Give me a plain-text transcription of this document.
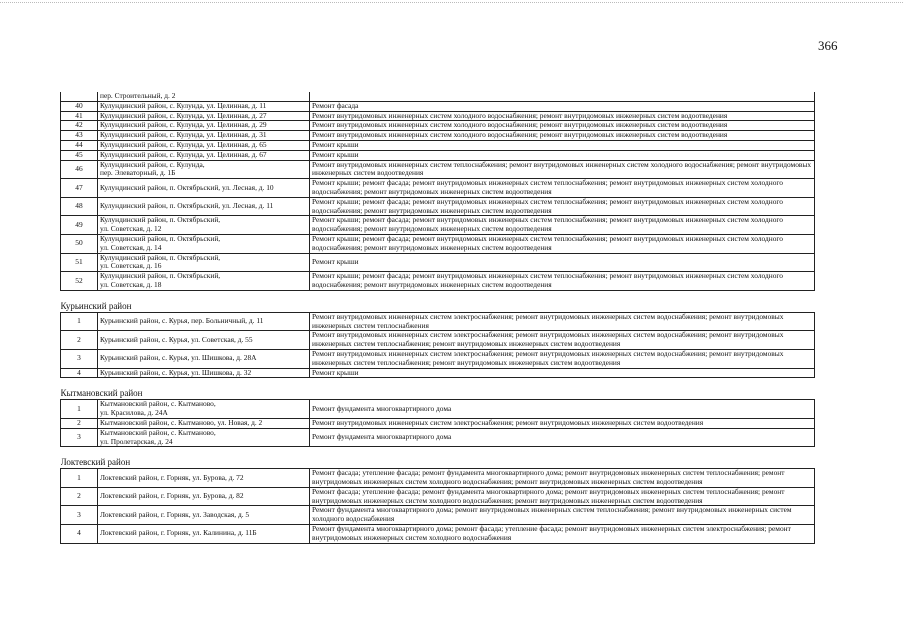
366
	пер. Строительный, д. 2	
40	Кулундинский район, с. Кулунда, ул. Целинная, д. 11	Ремонт фасада
41	Кулундинский район, с. Кулунда, ул. Целинная, д. 27	Ремонт внутридомовых инженерных систем холодного водоснабжения; ремонт внутридомовых инженерных систем водоотведения
42	Кулундинский район, с. Кулунда, ул. Целинная, д. 29	Ремонт внутридомовых инженерных систем холодного водоснабжения; ремонт внутридомовых инженерных систем водоотведения
43	Кулундинский район, с. Кулунда, ул. Целинная, д. 31	Ремонт внутридомовых инженерных систем холодного водоснабжения; ремонт внутридомовых инженерных систем водоотведения
44	Кулундинский район, с. Кулунда, ул. Целинная, д. 65	Ремонт крыши
45	Кулундинский район, с. Кулунда, ул. Целинная, д. 67	Ремонт крыши
46	Кулундинский район, с. Кулунда,
пер. Элеваторный, д. 1Б	Ремонт внутридомовых инженерных систем теплоснабжения; ремонт внутридомовых инженерных систем холодного водоснабжения; ремонт внутридомовых инженерных систем водоотведения
47	Кулундинский район, п. Октябрьский, ул. Лесная, д. 10	Ремонт крыши; ремонт фасада; ремонт внутридомовых инженерных систем теплоснабжения; ремонт внутридомовых инженерных систем холодного водоснабжения; ремонт внутридомовых инженерных систем водоотведения
48	Кулундинский район, п. Октябрьский, ул. Лесная, д. 11	Ремонт крыши; ремонт фасада; ремонт внутридомовых инженерных систем теплоснабжения; ремонт внутридомовых инженерных систем холодного водоснабжения; ремонт внутридомовых инженерных систем водоотведения
49	Кулундинский район, п. Октябрьский,
ул. Советская, д. 12	Ремонт крыши; ремонт фасада; ремонт внутридомовых инженерных систем теплоснабжения; ремонт внутридомовых инженерных систем холодного водоснабжения; ремонт внутридомовых инженерных систем водоотведения
50	Кулундинский район, п. Октябрьский,
ул. Советская, д. 14	Ремонт крыши; ремонт фасада; ремонт внутридомовых инженерных систем теплоснабжения; ремонт внутридомовых инженерных систем холодного водоснабжения; ремонт внутридомовых инженерных систем водоотведения
51	Кулундинский район, п. Октябрьский,
ул. Советская, д. 16	Ремонт крыши
52	Кулундинский район, п. Октябрьский,
ул. Советская, д. 18	Ремонт крыши; ремонт фасада; ремонт внутридомовых инженерных систем теплоснабжения; ремонт внутридомовых инженерных систем холодного водоснабжения; ремонт внутридомовых инженерных систем водоотведения
Курьинский район		
1	Курьинский район, с. Курья, пер. Больничный, д. 11	Ремонт внутридомовых инженерных систем электроснабжения; ремонт внутридомовых инженерных систем водоснабжения; ремонт внутридомовых инженерных систем теплоснабжения
2	Курьинский район, с. Курья, ул. Советская, д. 55	Ремонт внутридомовых инженерных систем электроснабжения; ремонт внутридомовых инженерных систем водоснабжения; ремонт внутридомовых инженерных систем теплоснабжения; ремонт внутридомовых инженерных систем водоотведения
3	Курьинский район, с. Курья, ул. Шишкова, д. 28А	Ремонт внутридомовых инженерных систем электроснабжения; ремонт внутридомовых инженерных систем водоснабжения; ремонт внутридомовых инженерных систем теплоснабжения; ремонт внутридомовых инженерных систем водоотведения
4	Курьинский район, с. Курья, ул. Шишкова, д. 32	Ремонт крыши
Кытмановский район		
1	Кытмановский район, с. Кытманово,
ул. Красилова, д. 24А	Ремонт фундамента многоквартирного дома
2	Кытмановский район, с. Кытманово, ул. Новая, д. 2	Ремонт внутридомовых инженерных систем электроснабжения; ремонт внутридомовых инженерных систем водоотведения
3	Кытмановский район, с. Кытманово,
ул. Пролетарская, д. 24	Ремонт фундамента многоквартирного дома
Локтевский район		
1	Локтевский район, г. Горняк, ул. Бурова, д. 72	Ремонт фасада; утепление фасада; ремонт фундамента многоквартирного дома; ремонт внутридомовых инженерных систем теплоснабжения; ремонт внутридомовых инженерных систем холодного водоснабжения; ремонт внутридомовых инженерных систем водоотведения
2	Локтевский район, г. Горняк, ул. Бурова, д. 82	Ремонт фасада; утепление фасада; ремонт фундамента многоквартирного дома; ремонт внутридомовых инженерных систем теплоснабжения; ремонт внутридомовых инженерных систем холодного водоснабжения; ремонт внутридомовых инженерных систем водоотведения
3	Локтевский район, г. Горняк, ул. Заводская, д. 5	Ремонт фундамента многоквартирного дома; ремонт внутридомовых инженерных систем теплоснабжения; ремонт внутридомовых инженерных систем холодного водоснабжения
4	Локтевский район, г. Горняк, ул. Калинина, д. 11Б	Ремонт фундамента многоквартирного дома; ремонт фасада; утепление фасада; ремонт внутридомовых инженерных систем электроснабжения; ремонт внутридомовых инженерных систем холодного водоснабжения
